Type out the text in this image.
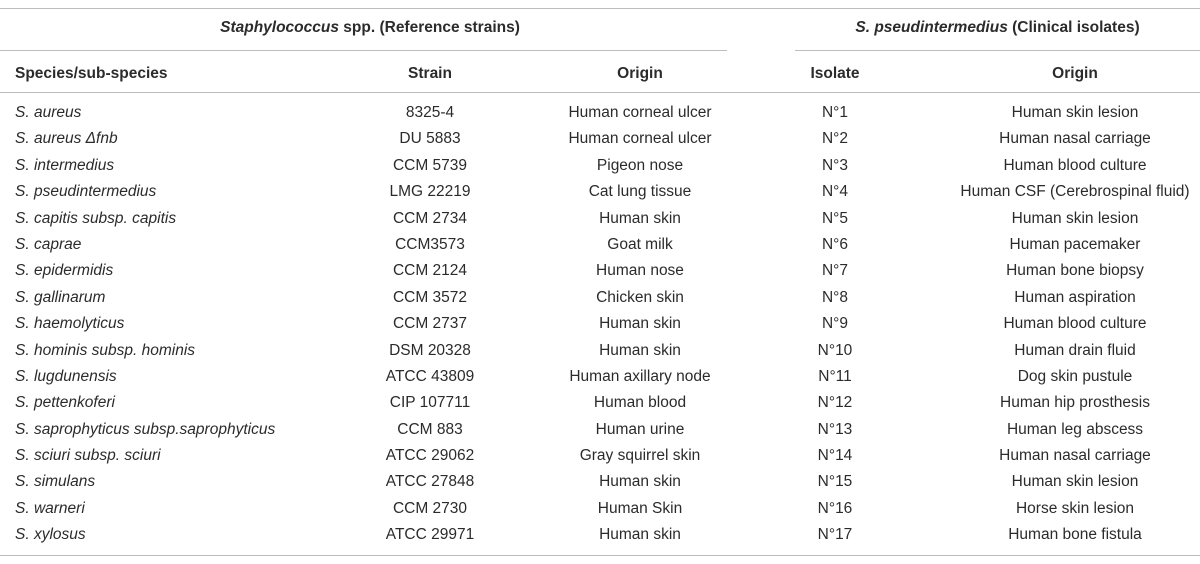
Staphylococcus spp. (Reference strains)	S. pseudintermedius (Clinical isolates)
Species/sub-species	Strain	Origin	Isolate	Origin
S. aureus	8325-4	Human corneal ulcer	N°1	Human skin lesion
S. aureus Δfnb	DU 5883	Human corneal ulcer	N°2	Human nasal carriage
S. intermedius	CCM 5739	Pigeon nose	N°3	Human blood culture
S. pseudintermedius	LMG 22219	Cat lung tissue	N°4	Human CSF (Cerebrospinal fluid)
S. capitis subsp. capitis	CCM 2734	Human skin	N°5	Human skin lesion
S. caprae	CCM3573	Goat milk	N°6	Human pacemaker
S. epidermidis	CCM 2124	Human nose	N°7	Human bone biopsy
S. gallinarum	CCM 3572	Chicken skin	N°8	Human aspiration
S. haemolyticus	CCM 2737	Human skin	N°9	Human blood culture
S. hominis subsp. hominis	DSM 20328	Human skin	N°10	Human drain fluid
S. lugdunensis	ATCC 43809	Human axillary node	N°11	Dog skin pustule
S. pettenkoferi	CIP 107711	Human blood	N°12	Human hip prosthesis
S. saprophyticus subsp.saprophyticus	CCM 883	Human urine	N°13	Human leg abscess
S. sciuri subsp. sciuri	ATCC 29062	Gray squirrel skin	N°14	Human nasal carriage
S. simulans	ATCC 27848	Human skin	N°15	Human skin lesion
S. warneri	CCM 2730	Human Skin	N°16	Horse skin lesion
S. xylosus	ATCC 29971	Human skin	N°17	Human bone fistula
